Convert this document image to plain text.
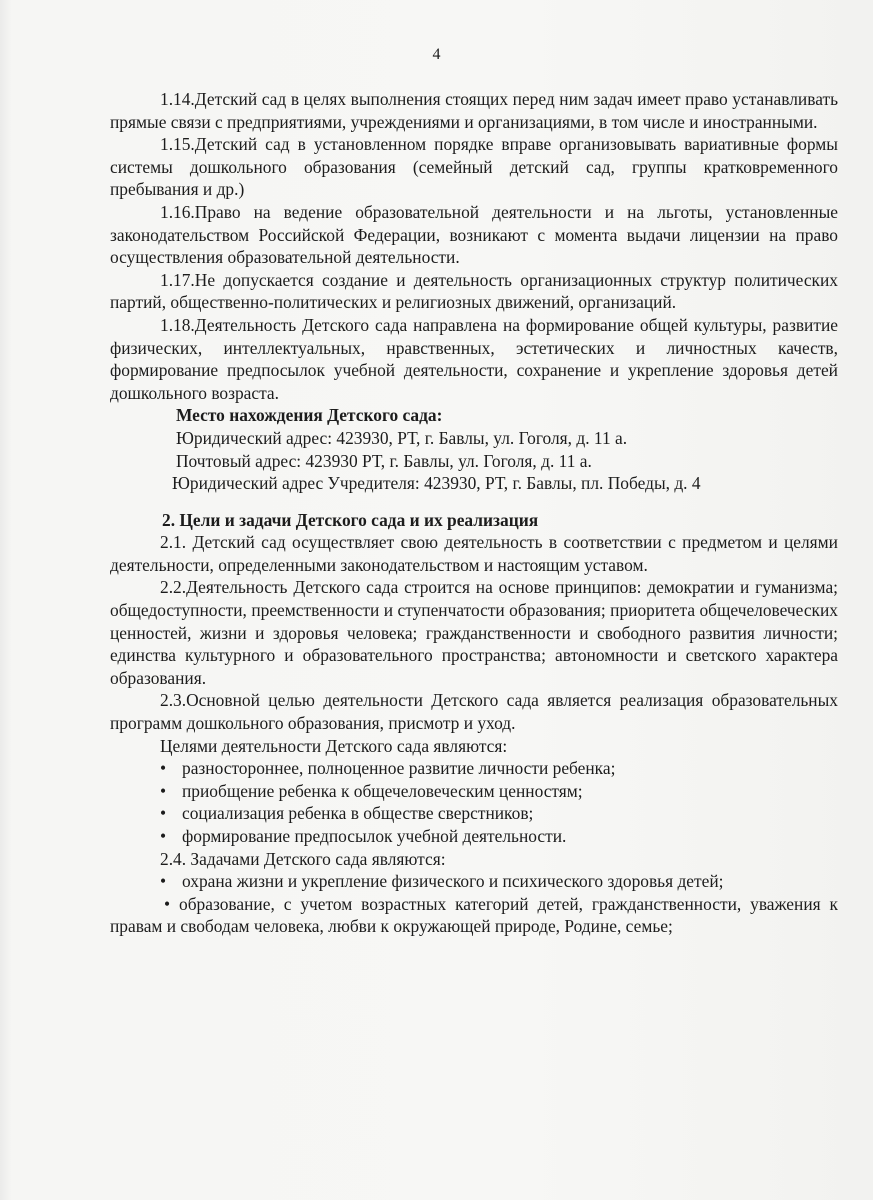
4

1.14.Детский сад в целях выполнения стоящих перед ним задач имеет право устанавливать прямые связи с предприятиями, учреждениями и организациями, в том числе и иностранными.

1.15.Детский сад в установленном порядке вправе организовывать вариативные формы системы дошкольного образования (семейный детский сад, группы кратковременного пребывания и др.)

1.16.Право на ведение образовательной деятельности и на льготы, установленные законодательством Российской Федерации, возникают с момента выдачи лицензии на право осуществления образовательной деятельности.

1.17.Не допускается создание и деятельность организационных структур политических партий, общественно-политических и религиозных движений, организаций.

1.18.Деятельность Детского сада направлена на формирование общей культуры, развитие физических, интеллектуальных, нравственных, эстетических и личностных качеств, формирование предпосылок учебной деятельности, сохранение и укрепление здоровья детей дошкольного возраста.

Место нахождения Детского сада:

Юридический адрес: 423930, РТ, г. Бавлы, ул. Гоголя, д. 11 а.

Почтовый адрес: 423930 РТ, г. Бавлы, ул. Гоголя, д. 11 а.

Юридический адрес Учредителя: 423930, РТ, г. Бавлы, пл. Победы, д. 4

2. Цели и задачи Детского сада и их реализация

2.1. Детский сад осуществляет свою деятельность в соответствии с предметом и целями деятельности, определенными законодательством и настоящим уставом.

2.2.Деятельность Детского сада строится на основе принципов: демократии и гуманизма; общедоступности, преемственности и ступенчатости образования; приоритета общечеловеческих ценностей, жизни и здоровья человека; гражданственности и свободного развития личности; единства культурного и образовательного пространства; автономности и светского характера образования.

2.3.Основной целью деятельности Детского сада является реализация образовательных программ дошкольного образования, присмотр и уход.

Целями деятельности Детского сада являются:

• разностороннее, полноценное развитие личности ребенка;
• приобщение ребенка к общечеловеческим ценностям;
• социализация ребенка в обществе сверстников;
• формирование предпосылок учебной деятельности.

2.4. Задачами Детского сада являются:

• охрана жизни и укрепление физического и психического здоровья детей;
• образование, с учетом возрастных категорий детей, гражданственности, уважения к правам и свободам человека, любви к окружающей природе, Родине, семье;
